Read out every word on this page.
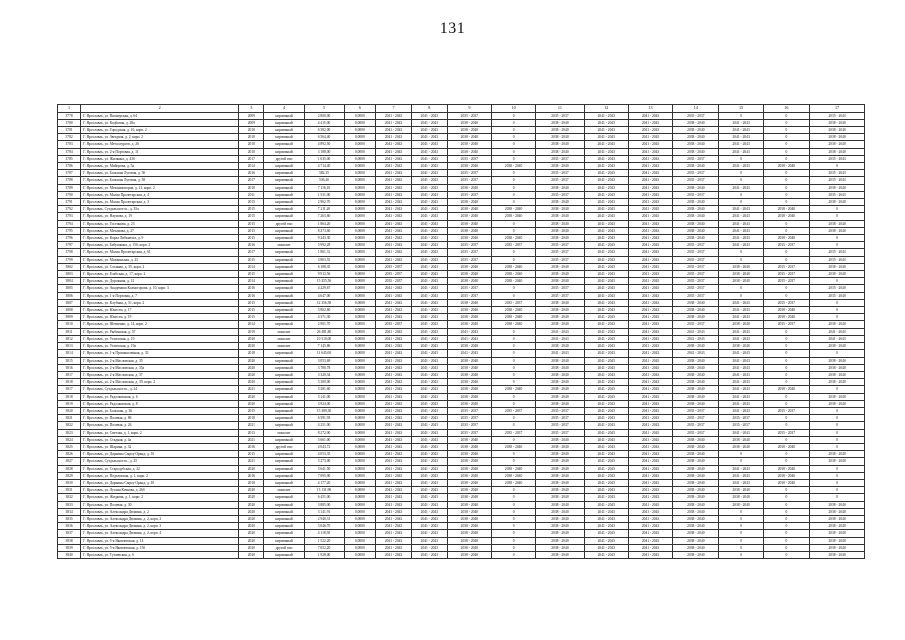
131
1	2	3	4	5	6	7	8	9	10	11	12	13	14	15	16	17
3778	Г. Ярославль, ул. Пионерская, д. 64	2009	кирпичный	2 800,00	0,0000	2041 - 2043	2041 - 2043	2035 - 2037	0	2035 - 2037	2041 - 2043	2041 - 2043	2035 - 2037	0	0	2035 - 2043
3780	Г. Ярославль, ул. Кодбовая, д. 28а	2009	кирпичный	4 415,00	0,0000	2041 - 2043	2041 - 2043	2038 - 2040	0	2038 - 2040	2041 - 2043	2041 - 2043	2038 - 2040	2041 - 2043	0	2038 - 2040
3781	Г. Ярославль, ул. Городская, д. 16, корп. 2	2010	кирпичный	6 582,00	0,0000	2041 - 2043	2041 - 2043	2038 - 2040	0	2038 - 2040	2041 - 2043	2041 - 2043	2038 - 2040	2041 - 2043	0	2038 - 2040
3782	Г. Ярославль, ул. Звездная, д. 2, корп. 2	2010	кирпичный	6 564,40	0,0000	2041 - 2043	2041 - 2043	2038 - 2040	0	2038 - 2040	2041 - 2043	2041 - 2043	2038 - 2040	2041 - 2043	0	2038 - 2040
3783	Г. Ярославль, ул. Металлургов, д. 26	2010	кирпичный	4 892,50	0,0000	2041 - 2043	2041 - 2043	2038 - 2040	0	2038 - 2040	2041 - 2043	2041 - 2043	2038 - 2040	2041 - 2043	0	2038 - 2040
3784	Г. Ярославль, ул. 2-я Портовая, д. 11	2010	кирпичный	3 188,00	0,0000	2041 - 2043	2041 - 2043	2038 - 2040	0	2038 - 2040	2041 - 2043	2041 - 2043	2038 - 2040	2041 - 2043	0	2038 - 2040
3785	Г. Ярославль, ул. Жилкина, д. 43б	2017	другой тип	1 635,00	0,0000	2041 - 2043	2041 - 2043	2035 - 2037	0	2035 - 2037	2041 - 2043	2041 - 2043	2035 - 2037	0	0	2035 - 2043
3786	Г. Ярославль, ул. Майорова, д. 5а	2014	кирпичный	4 714,40	0,0000	2041 - 2043	2041 - 2043	2038 - 2040	2038 - 2040	2038 - 2040	2041 - 2043	2041 - 2043	2038 - 2040	2041 - 2043	2038 - 2040	0
3787	Г. Ярославль, ул. Большая Луговая, д. 56	2016	кирпичный	582,35	0,0000	2041 - 2043	2041 - 2043	2035 - 2037	0	2035 - 2037	2041 - 2043	2041 - 2043	2035 - 2037	0	0	2035 - 2043
3788	Г. Ярославль, ул. Большая Луговая, д. 58	2017	кирпичный	536,40	0,0000	2041 - 2043	2041 - 2043	2035 - 2037	0	2035 - 2037	2041 - 2043	2041 - 2043	2035 - 2037	0	0	2035 - 2043
3789	Г. Ярославль, ул. Механизаторов, д. 21, корп. 2	2010	кирпичный	7 116,10	0,0000	2041 - 2043	2041 - 2043	2038 - 2040	0	2038 - 2040	2041 - 2043	2041 - 2043	2038 - 2040	2041 - 2043	0	2038 - 2040
3790	Г. Ярославль, ул. Малая Пролетарская, д. 4	2011	кирпичный	1 531,00	0,0000	2041 - 2043	2041 - 2043	2035 - 2037	0	2035 - 2037	2041 - 2043	2041 - 2043	2035 - 2037	0	0	2035 - 2043
3791	Г. Ярославль, ул. Малая Пролетарская, д. 3	2015	кирпичный	2 962,70	0,0000	2041 - 2043	2041 - 2043	2038 - 2040	0	2038 - 2040	2041 - 2043	2041 - 2043	2038 - 2040	0	0	2038 - 2040
3792	Г. Ярославль, Суздальское ш., д. 35а	2015	кирпичный	7 211,20	0,0000	2041 - 2043	2041 - 2043	2038 - 2040	2038 - 2040	2038 - 2040	2041 - 2043	2041 - 2043	2038 - 2040	2041 - 2043	2038 - 2040	0
3793	Г. Ярославль, ул. Наумова, д. 19	2015	кирпичный	7 263,60	0,0000	2041 - 2043	2041 - 2043	2038 - 2040	2038 - 2040	2038 - 2040	2041 - 2043	2041 - 2043	2038 - 2040	2041 - 2043	2038 - 2040	0
3794	Г. Ярославль, ул. Гостинова, д. 23	2015	другой тип	1 864,20	0,0000	2041 - 2043	2041 - 2043	2038 - 2040	0	2038 - 2040	2041 - 2043	2041 - 2043	2038 - 2040	2041 - 2043	0	2038 - 2040
3795	Г. Ярославль, ул. Механова, д. 27	2015	кирпичный	8 273,60	0,0000	2041 - 2043	2041 - 2043	2038 - 2040	0	2038 - 2040	2041 - 2043	2041 - 2043	2038 - 2040	2041 - 2043	0	2038 - 2040
3796	Г. Ярославль, ул. Карла Либкнехта, д. 9	2015	кирпичный	9 243,30	0,0000	2041 - 2043	2041 - 2043	2038 - 2040	2038 - 2040	2038 - 2040	2041 - 2043	2041 - 2043	2038 - 2040	2041 - 2043	2038 - 2040	0
3797	Г. Ярославль, ул. Бабушкина, д. 15б, корп. 2	2016	монолит	5 992,28	0,0000	2041 - 2043	2041 - 2043	2035 - 2037	2035 - 2037	2035 - 2037	2041 - 2043	2041 - 2043	2035 - 2037	2041 - 2043	2035 - 2037	0
3798	Г. Ярославль, ул. Малая Пролетарская, д. 61	2017	кирпичный	1 861,31	0,0000	2041 - 2043	2041 - 2043	2035 - 2037	0	2035 - 2037	2041 - 2043	2041 - 2043	2035 - 2037	0	0	2035 - 2043
3799	Г. Ярославль, ул. Мозжинская, д. 23	2015	кирпичный	3 803,55	0,0000	2041 - 2043	2041 - 2043	2035 - 2037	0	2035 - 2037	2041 - 2043	2041 - 2043	2035 - 2037	0	0	2035 - 2043
3802	Г. Ярославль, ул. Сохиная, д. 35, корп. 2	2014	кирпичный	6 188,35	0,0000	2035 - 2037	2041 - 2043	2038 - 2040	2038 - 2040	2038 - 2040	2041 - 2043	2041 - 2043	2035 - 2037	2038 - 2040	2035 - 2037	2038 - 2040
3803	Г. Ярославль, ул. Елабская, д. 17, корп. 2	2015	кирпичный	9 912,56	0,0000	2035 - 2037	2041 - 2043	2038 - 2040	2038 - 2040	2038 - 2040	2041 - 2043	2041 - 2043	2035 - 2037	2038 - 2040	2035 - 2037	2038 - 2040
3804	Г. Ярославль, ул. Дорожная, д. 12	2014	кирпичный	15 455,56	0,0000	2035 - 2037	2041 - 2043	2038 - 2040	2038 - 2040	2038 - 2040	2041 - 2043	2041 - 2043	2035 - 2037	2038 - 2040	2035 - 2037	0
3805	Г. Ярославль, ул. Академика Колмогорова, д. 10, корп. 3	2016	кирпичный	4 229,67	0,0000	2041 - 2043	2041 - 2043	2035 - 2037	0	2035 - 2037	2041 - 2043	2041 - 2043	2035 - 2037	0	0	2035 - 2040
3806	Г. Ярославль, ул. 1-я Портовая, д. 7	2016	кирпичный	4 647,00	0,0000	2041 - 2043	2041 - 2043	2035 - 2037	0	2035 - 2037	2041 - 2043	2041 - 2043	2035 - 2037	0	0	2035 - 2040
3807	Г. Ярославль, ул. Клубная, д. 51, корп. 2	2015	кирпичный	12 356,58	0,0000	2041 - 2043	2041 - 2043	2038 - 2040	2035 - 2037	2038 - 2040	2041 - 2043	2041 - 2043	2038 - 2040	2041 - 2043	2035 - 2037	0
3808	Г. Ярославль, ул. Юности, д. 17	2015	кирпичный	3 802,60	0,0000	2041 - 2043	2041 - 2043	2038 - 2040	2038 - 2040	2038 - 2040	2041 - 2043	2041 - 2043	2038 - 2040	2041 - 2043	2038 - 2040	0
3809	Г. Ярославль, ул. Юности, д. 19	2015	кирпичный	4 371,30	0,0000	2041 - 2043	2041 - 2043	2038 - 2040	2038 - 2040	2038 - 2040	2041 - 2043	2041 - 2043	2038 - 2040	2041 - 2043	2038 - 2040	0
3810	Г. Ярославль, ул. Шевченко, д. 14, корп. 2	2014	кирпичный	2 901,70	0,0000	2035 - 2037	2041 - 2043	2038 - 2040	2038 - 2040	2038 - 2040	2041 - 2043	2041 - 2043	2035 - 2037	2038 - 2040	2035 - 2037	2038 - 2040
3811	Г. Ярославль, ул. Рыбинская, д. 57	2019	монолит	26 481,80	0,0000	2041 - 2043	2041 - 2043	2041 - 2043	0	2041 - 2043	2041 - 2043	2041 - 2043	2041 - 2043	2041 - 2043	0	2041 - 2043
3812	Г. Ярославль, ул. Угличская, д. 19	2020	монолит	10 510,00	0,0000	2041 - 2043	2041 - 2043	2041 - 2043	0	2041 - 2043	2041 - 2043	2041 - 2043	2041 - 2043	2041 - 2043	0	2041 - 2043
3813	Г. Ярославль, ул. Угличская, д. 19а	2020	монолит	7 145,86	0,0000	2041 - 2043	2041 - 2043	2038 - 2040	0	2038 - 2040	2041 - 2043	2041 - 2043	2038 - 2040	2038 - 2040	0	2038 - 2040
3814	Г. Ярославль, ул. 1-я Промышленная, д. 33	2018	кирпичный	11 645,00	0,0000	2041 - 2043	2041 - 2043	2041 - 2043	0	2041 - 2043	2041 - 2043	2041 - 2043	2041 - 2043	2041 - 2043	0	0
3815	Г. Ярославль, ул. 2-я Масловская, д. 35	2020	кирпичный	3 053,69	0,0000	2041 - 2043	2041 - 2043	2038 - 2040	0	2038 - 2040	2041 - 2043	2041 - 2043	2038 - 2040	2041 - 2043	0	2038 - 2040
3816	Г. Ярославль, ул. 2-я Масловская, д. 35а	2020	кирпичный	3 780,78	0,0000	2041 - 2043	2041 - 2043	2038 - 2040	0	2038 - 2040	2041 - 2043	2041 - 2043	2038 - 2040	2041 - 2043	0	2038 - 2040
3817	Г. Ярославль, ул. 2-я Масловская, д. 37	2020	кирпичный	3 320,34	0,0000	2041 - 2043	2041 - 2043	2038 - 2040	0	2038 - 2040	2041 - 2043	2041 - 2043	2038 - 2040	2041 - 2043	0	2038 - 2040
3818	Г. Ярославль, ул. 2-я Масловская, д. 39, корп. 2	2020	кирпичный	3 300,00	0,0000	2041 - 2043	2041 - 2043	2038 - 2040	0	2038 - 2040	2041 - 2043	2041 - 2043	2038 - 2040	2041 - 2043	0	2038 - 2040
3817	Г. Ярославль, Суздальское ш., д. 24	2021	кирпичный	3 281,60	0,0000	2041 - 2043	2041 - 2043	2038 - 2040	2038 - 2040	2038 - 2040	2041 - 2043	2041 - 2043	2038 - 2040	2041 - 2043	2038 - 2040	0
3818	Г. Ярославль, ул. Радолковская, д. 6	2020	кирпичный	3 141,00	0,0000	2041 - 2043	2041 - 2043	2038 - 2040	0	2038 - 2040	2041 - 2043	2041 - 2043	2038 - 2040	2041 - 2043	0	2038 - 2040
3819	Г. Ярославль, ул. Радолковская, д. 8	2020	кирпичный	3 924,00	0,0000	2041 - 2043	2041 - 2043	2038 - 2040	0	2038 - 2040	2041 - 2043	2041 - 2043	2038 - 2040	2041 - 2043	0	2038 - 2040
3820	Г. Ярославль, ул. Большая, д. 36	2015	кирпичный	15 389,30	0,0000	2041 - 2043	2041 - 2043	2035 - 2037	2035 - 2037	2035 - 2037	2041 - 2043	2041 - 2043	2035 - 2037	2041 - 2043	2035 - 2037	0
3821	Г. Ярославль, ул. Полевая, д. 86	2018	кирпичный	6 591,93	0,0000	2041 - 2043	2041 - 2043	2035 - 2037	0	2035 - 2037	2041 - 2043	2041 - 2043	2035 - 2037	2035 - 2037	0	0
3822	Г. Ярославль, ул. Полевая, д. 26	2021	кирпичный	4 251,00	0,0000	2041 - 2043	2041 - 2043	2035 - 2037	0	2035 - 2037	2041 - 2043	2041 - 2043	2035 - 2037	2035 - 2037	0	0
3823	Г. Ярославль, ул. Светлая, д. 1, корп. 2	2013	монолит	8 272,00	0,0000	2041 - 2043	2041 - 2043	2035 - 2037	2035 - 2037	2035 - 2037	2041 - 2043	2041 - 2043	2035 - 2037	2041 - 2043	2035 - 2037	0
3824	Г. Ярославль, ул. Стадная, д. 4а	2021	кирпичный	5 661,00	0,0000	2041 - 2043	2041 - 2043	2038 - 2040	0	2038 - 2040	2041 - 2043	2041 - 2043	2038 - 2040	2038 - 2040	0	0
3825	Г. Ярославль, ул. Шарина, д. 32	2016	другой тип	4 043,72	0,0000	2041 - 2043	2041 - 2043	2038 - 2040	2038 - 2040	2038 - 2040	2041 - 2043	2041 - 2043	2038 - 2040	2038 - 2040	2038 - 2040	0
3826	Г. Ярославль, ул. Дарьины Сыроу Оранд, д. 10	2015	кирпичный	4 053,35	0,0000	2041 - 2043	2041 - 2043	2038 - 2040	0	2038 - 2040	2041 - 2043	2041 - 2043	2038 - 2040	0	0	2038 - 2040
3827	Г. Ярославль, Суздальское ш., д. 25	2021	кирпичный	3 273,00	0,0000	2041 - 2043	2041 - 2043	2038 - 2040	0	2038 - 2040	2041 - 2043	2041 - 2043	2038 - 2040	0	0	2038 - 2040
3828	Г. Ярославль, ул. Стародубская, д. 22	2020	кирпичный	3 641,50	0,0000	2041 - 2043	2041 - 2043	2038 - 2040	2038 - 2040	2038 - 2040	2041 - 2043	2041 - 2043	2038 - 2040	2041 - 2043	2038 - 2040	0
3829	Г. Ярославль, ул. Подъемская, д. 1, корп. 2	2016	кирпичный	7 095,90	0,0000	2041 - 2043	2041 - 2043	2038 - 2040	2038 - 2040	2038 - 2040	2041 - 2043	2041 - 2043	2038 - 2040	2041 - 2043	2038 - 2040	0
3830	Г. Ярославль, ул. Дарьины Сыроу Оранд, д. 10	2018	кирпичный	4 177,20	0,0000	2041 - 2043	2041 - 2043	2038 - 2040	2038 - 2040	2038 - 2040	2041 - 2043	2041 - 2043	2038 - 2040	2041 - 2043	2038 - 2040	0
3831	Г. Ярославль, ул. Луганя Кочкова, д. 26б	2020	монолит	13 131,90	0,0000	2041 - 2043	2041 - 2043	2038 - 2040	0	2038 - 2040	2041 - 2043	2041 - 2043	2038 - 2040	2038 - 2040	0	0
3832	Г. Ярославль, ул. Жидкова, д. 1, корп. 2	2020	кирпичный	6 451,00	0,0000	2041 - 2043	2041 - 2043	2038 - 2040	0	2038 - 2040	2041 - 2043	2041 - 2043	2038 - 2040	2038 - 2040	0	0
3833	Г. Ярославль, ул. Полевая, д. 30	2020	кирпичный	3 885,00	0,0000	2041 - 2043	2041 - 2043	2038 - 2040	0	2038 - 2040	2041 - 2043	2041 - 2043	2038 - 2040	2038 - 2040	0	2038 - 2040
3834	Г. Ярославль, ул. Александра Дюмина, д. 2	2020	кирпичный	3 141,91	0,0000	2041 - 2043	2041 - 2043	2038 - 2040	0	2038 - 2040	2041 - 2043	2041 - 2043	2038 - 2040	0	0	2038 - 2040
3835	Г. Ярославль, ул. Александра Дюмина, д. 2, корп. 2	2020	кирпичный	2 940,31	0,0000	2041 - 2043	2041 - 2043	2038 - 2040	0	2038 - 2040	2041 - 2043	2041 - 2043	2038 - 2040	0	0	2038 - 2040
3836	Г. Ярославль, ул. Александра Дюмина, д. 2, корп. 3	2020	кирпичный	3 046,70	0,0000	2041 - 2043	2041 - 2043	2038 - 2040	0	2038 - 2040	2041 - 2043	2041 - 2043	2038 - 2040	0	0	2038 - 2040
3837	Г. Ярославль, ул. Александра Дюмина, д. 2, корп. 4	2020	кирпичный	4 118,50	0,0000	2041 - 2043	2041 - 2043	2038 - 2040	0	2038 - 2040	2041 - 2043	2041 - 2043	2038 - 2040	0	0	2038 - 2040
3838	Г. Ярославль, ул. 5-я Яковлевская, д. 14	2020	кирпичный	1 522,20	0,0000	2041 - 2043	2041 - 2043	2038 - 2040	0	2038 - 2040	2041 - 2043	2041 - 2043	2038 - 2040	0	0	2038 - 2040
3839	Г. Ярославль, ул. 5-я Яковлевская, д. 15б	2020	другой тип	7 052,20	0,0000	2041 - 2043	2041 - 2043	2038 - 2040	0	2038 - 2040	2041 - 2043	2041 - 2043	2038 - 2040	0	0	2038 - 2040
3840	Г. Ярославль, ул. Тутаевская, д. 6	2020	кирпичный	1 928,00	0,0000	2041 - 2043	2041 - 2043	2038 - 2040	0	2038 - 2040	2041 - 2043	2041 - 2043	2038 - 2040	0	0	2038 - 2040
